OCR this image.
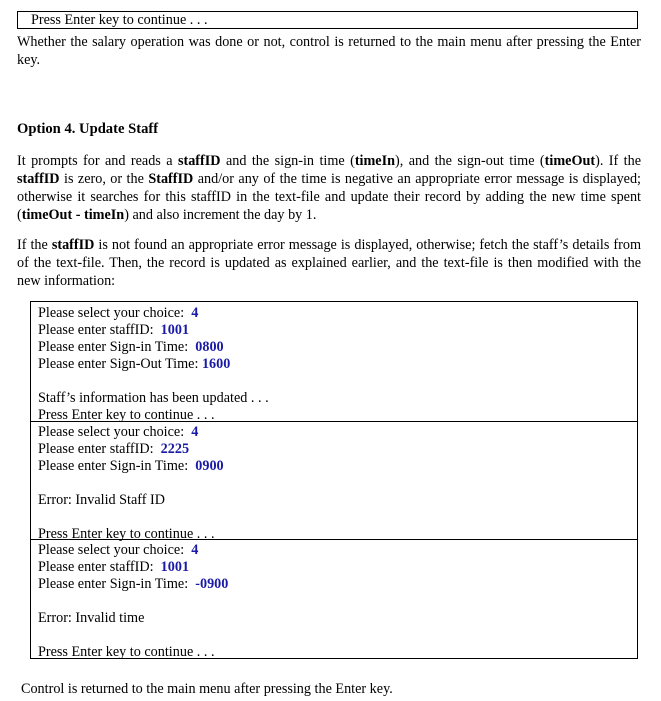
Press Enter key to continue . . .
Whether the salary operation was done or not, control is returned to the main menu after pressing the Enter key.
Option 4. Update Staff
It prompts for and reads a staffID and the sign-in time (timeIn), and the sign-out time (timeOut). If the staffID is zero, or the StaffID and/or any of the time is negative an appropriate error message is displayed; otherwise it searches for this staffID in the text-file and update their record by adding the new time spent (timeOut - timeIn) and also increment the day by 1.
If the staffID is not found an appropriate error message is displayed, otherwise; fetch the staff’s details from of the text-file. Then, the record is updated as explained earlier, and the text-file is then modified with the new information:
Please select your choice:  4
Please enter staffID:  1001
Please enter Sign-in Time:  0800
Please enter Sign-Out Time: 1600
Staff’s information has been updated . . .
Press Enter key to continue . . .
Please select your choice:  4
Please enter staffID:  2225
Please enter Sign-in Time:  0900
Error: Invalid Staff ID
Press Enter key to continue . . .
Please select your choice:  4
Please enter staffID:  1001
Please enter Sign-in Time:  -0900
Error: Invalid time
Press Enter key to continue . . .
Control is returned to the main menu after pressing the Enter key.
